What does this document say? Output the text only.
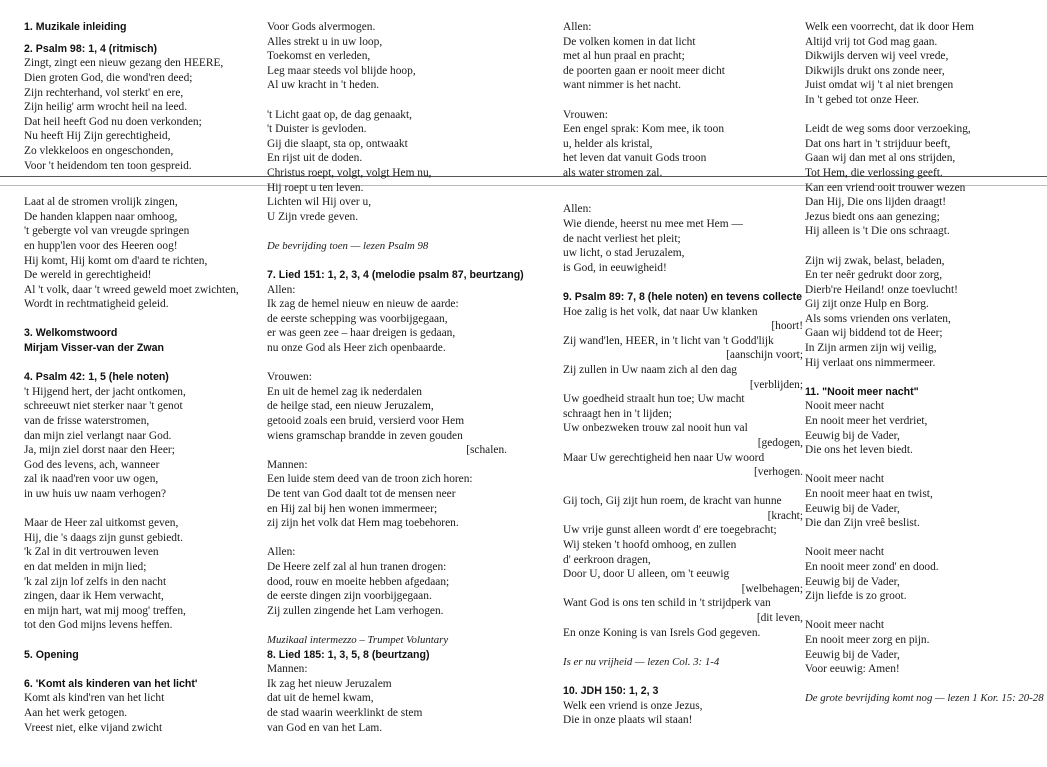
1. Muzikale inleiding
2. Psalm 98: 1, 4 (ritmisch)
Zingt, zingt een nieuw gezang den HEERE,
Dien groten God, die wond'ren deed;
Zijn rechterhand, vol sterkt' en ere,
Zijn heilig' arm wrocht heil na leed.
Dat heil heeft God nu doen verkonden;
Nu heeft Hij Zijn gerechtigheid,
Zo vlekkeloos en ongeschonden,
Voor 't heidendom ten toon gespreid.
Laat al de stromen vrolijk zingen,
De handen klappen naar omhoog,
't gebergte vol van vreugde springen
en hupp'len voor des Heeren oog!
Hij komt, Hij komt om d'aard te richten,
De wereld in gerechtigheid!
Al 't volk, daar 't wreed geweld moet zwichten,
Wordt in rechtmatigheid geleid.
3. Welkomstwoord
Mirjam Visser-van der Zwan
4. Psalm 42: 1, 5 (hele noten)
't Hijgend hert, der jacht ontkomen,
schreeuwt niet sterker naar 't genot
van de frisse waterstromen,
dan mijn ziel verlangt naar God.
Ja, mijn ziel dorst naar den Heer;
God des levens, ach, wanneer
zal ik naad'ren voor uw ogen,
in uw huis uw naam verhogen?
Maar de Heer zal uitkomst geven,
Hij, die 's daags zijn gunst gebiedt.
'k Zal in dit vertrouwen leven
en dat melden in mijn lied;
'k zal zijn lof zelfs in den nacht
zingen, daar ik Hem verwacht,
en mijn hart, wat mij moog' treffen,
tot den God mijns levens heffen.
5. Opening
6. 'Komt als kinderen van het licht'
Komt als kind'ren van het licht
Aan het werk getogen.
Vreest niet, elke vijand zwicht
Voor Gods alvermogen.
Alles strekt u in uw loop,
Toekomst en verleden,
Leg maar steeds vol blijde hoop,
Al uw kracht in 't heden.
't Licht gaat op, de dag genaakt,
't Duister is gevloden.
Gij die slaapt, sta op, ontwaakt
En rijst uit de doden.
Christus roept, volgt, volgt Hem nu,
Hij roept u ten leven.
Lichten wil Hij over u,
U Zijn vrede geven.
De bevrijding toen — lezen Psalm 98
7. Lied 151: 1, 2, 3, 4 (melodie psalm 87, beurtzang)
Allen:
Ik zag de hemel nieuw en nieuw de aarde:
de eerste schepping was voorbijgegaan,
er was geen zee – haar dreigen is gedaan,
nu onze God als Heer zich openbaarde.
Vrouwen:
En uit de hemel zag ik nederdalen
de heilge stad, een nieuw Jeruzalem,
getooid zoals een bruid, versierd voor Hem
wiens gramschap brandde in zeven gouden
[schalen.
Mannen:
Een luide stem deed van de troon zich horen:
De tent van God daalt tot de mensen neer
en Hij zal bij hen wonen immermeer;
zij zijn het volk dat Hem mag toebehoren.
Allen:
De Heere zelf zal al hun tranen drogen:
dood, rouw en moeite hebben afgedaan;
de eerste dingen zijn voorbijgegaan.
Zij zullen zingende het Lam verhogen.
Muzikaal intermezzo – Trumpet Voluntary
8. Lied 185: 1, 3, 5, 8 (beurtzang)
Mannen:
Ik zag het nieuw Jeruzalem
dat uit de hemel kwam,
de stad waarin weerklinkt de stem
van God en van het Lam.
Allen:
De volken komen in dat licht
met al hun praal en pracht;
de poorten gaan er nooit meer dicht
want nimmer is het nacht.
Vrouwen:
Een engel sprak: Kom mee, ik toon
u, helder als kristal,
het leven dat vanuit Gods troon
als water stromen zal.
Allen:
Wie diende, heerst nu mee met Hem —
de nacht verliest het pleit;
uw licht, o stad Jeruzalem,
is God, in eeuwigheid!
9. Psalm 89: 7, 8 (hele noten) en tevens collecte
Hoe zalig is het volk, dat naar Uw klanken
[hoort!
Zij wand'len, HEER, in 't licht van 't Godd'lijk
[aanschijn voort;
Zij zullen in Uw naam zich al den dag
[verblijden;
Uw goedheid straalt hun toe; Uw macht
schraagt hen in 't lijden;
Uw onbezweken trouw zal nooit hun val
[gedogen,
Maar Uw gerechtigheid hen naar Uw woord
[verhogen.
Gij toch, Gij zijt hun roem, de kracht van hunne
[kracht;
Uw vrije gunst alleen wordt d' ere toegebracht;
Wij steken 't hoofd omhoog, en zullen
d' eerkroon dragen,
Door U, door U alleen, om 't eeuwig
[welbehagen;
Want God is ons ten schild in 't strijdperk van
[dit leven,
En onze Koning is van Isrels God gegeven.
Is er nu vrijheid — lezen Col. 3: 1-4
10. JDH 150: 1, 2, 3
Welk een vriend is onze Jezus,
Die in onze plaats wil staan!
Welk een voorrecht, dat ik door Hem
Altijd vrij tot God mag gaan.
Dikwijls derven wij veel vrede,
Dikwijls drukt ons zonde neer,
Juist omdat wij 't al niet brengen
In 't gebed tot onze Heer.
Leidt de weg soms door verzoeking,
Dat ons hart in 't strijduur beeft,
Gaan wij dan met al ons strijden,
Tot Hem, die verlossing geeft.
Kan een vriend ooit trouwer wezen
Dan Hij, Die ons lijden draagt!
Jezus biedt ons aan genezing;
Hij alleen is 't Die ons schraagt.
Zijn wij zwak, belast, beladen,
En ter neêr gedrukt door zorg,
Dierb're Heiland! onze toevlucht!
Gij zijt onze Hulp en Borg.
Als soms vrienden ons verlaten,
Gaan wij biddend tot de Heer;
In Zijn armen zijn wij veilig,
Hij verlaat ons nimmermeer.
11. "Nooit meer nacht"
Nooit meer nacht
En nooit meer het verdriet,
Eeuwig bij de Vader,
Die ons het leven biedt.
Nooit meer nacht
En nooit meer haat en twist,
Eeuwig bij de Vader,
Die dan Zijn vreê beslist.
Nooit meer nacht
En nooit meer zond' en dood.
Eeuwig bij de Vader,
Zijn liefde is zo groot.
Nooit meer nacht
En nooit meer zorg en pijn.
Eeuwig bij de Vader,
Voor eeuwig: Amen!
De grote bevrijding komt nog — lezen 1 Kor. 15: 20-28
